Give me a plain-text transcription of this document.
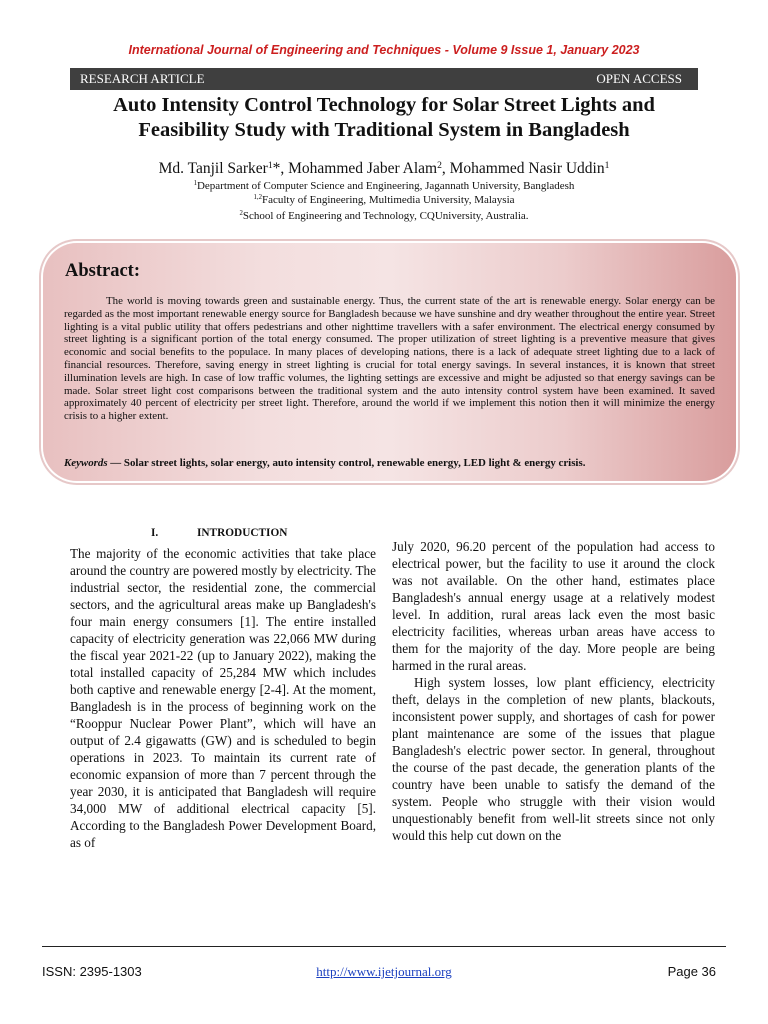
International Journal of Engineering and Techniques - Volume 9 Issue 1, January 2023
RESEARCH ARTICLE	OPEN ACCESS
Auto Intensity Control Technology for Solar Street Lights and
Feasibility Study with Traditional System in Bangladesh
Md. Tanjil Sarker$^1$*, Mohammed Jaber Alam$^2$, Mohammed Nasir Uddin$^1$
$^1$Department of Computer Science and Engineering, Jagannath University, Bangladesh
$^{1,2}$Faculty of Engineering, Multimedia University, Malaysia
$^2$School of Engineering and Technology, CQUniversity, Australia.
Abstract:
The world is moving towards green and sustainable energy. Thus, the current state of the art is renewable energy. Solar energy can be regarded as the most important renewable energy source for Bangladesh because we have sunshine and dry weather throughout the entire year. Street lighting is a vital public utility that offers pedestrians and other nighttime travellers with a safer environment. The electrical energy consumed by street lighting is a significant portion of the total energy consumed. The proper utilization of street lighting is a preventive measure that gives economic and social benefits to the populace. In many places of developing nations, there is a lack of adequate street lighting due to a lack of financial resources. Therefore, saving energy in street lighting is crucial for total energy savings. In several instances, it is known that street illumination levels are high. In case of low traffic volumes, the lighting settings are excessive and might be adjusted so that energy savings can be made. Solar street light cost comparisons between the traditional system and the auto intensity control system have been examined. It saved approximately 40 percent of electricity per street light. Therefore, around the world if we implement this notion then it will minimize the energy crisis to a higher extent.
Keywords — Solar street lights, solar energy, auto intensity control, renewable energy, LED light & energy crisis.
I.	INTRODUCTION

The majority of the economic activities that take place around the country are powered mostly by electricity. The industrial sector, the residential zone, the commercial sectors, and the agricultural areas make up Bangladesh's four main energy consumers [1]. The entire installed capacity of electricity generation was 22,066 MW during the fiscal year 2021-22 (up to January 2022), making the total installed capacity of 25,284 MW which includes both captive and renewable energy [2-4]. At the moment, Bangladesh is in the process of beginning work on the “Rooppur Nuclear Power Plant”, which will have an output of 2.4 gigawatts (GW) and is scheduled to begin operations in 2023. To maintain its current rate of economic expansion of more than 7 percent through the year 2030, it is anticipated that Bangladesh will require 34,000 MW of additional electrical capacity [5]. According to the Bangladesh Power Development Board, as of

July 2020, 96.20 percent of the population had access to electrical power, but the facility to use it around the clock was not available. On the other hand, estimates place Bangladesh's annual energy usage at a relatively modest level. In addition, rural areas lack even the most basic electricity facilities, whereas urban areas have access to them for the majority of the day. More people are being harmed in the rural areas.

High system losses, low plant efficiency, electricity theft, delays in the completion of new plants, blackouts, inconsistent power supply, and shortages of cash for power plant maintenance are some of the issues that plague Bangladesh's electric power sector. In general, throughout the course of the past decade, the generation plants of the country have been unable to satisfy the demand of the system. People who struggle with their vision would unquestionably benefit from well-lit streets since not only would this help cut down on the

ISSN: 2395-1303	http://www.ijetjournal.org	Page 36
